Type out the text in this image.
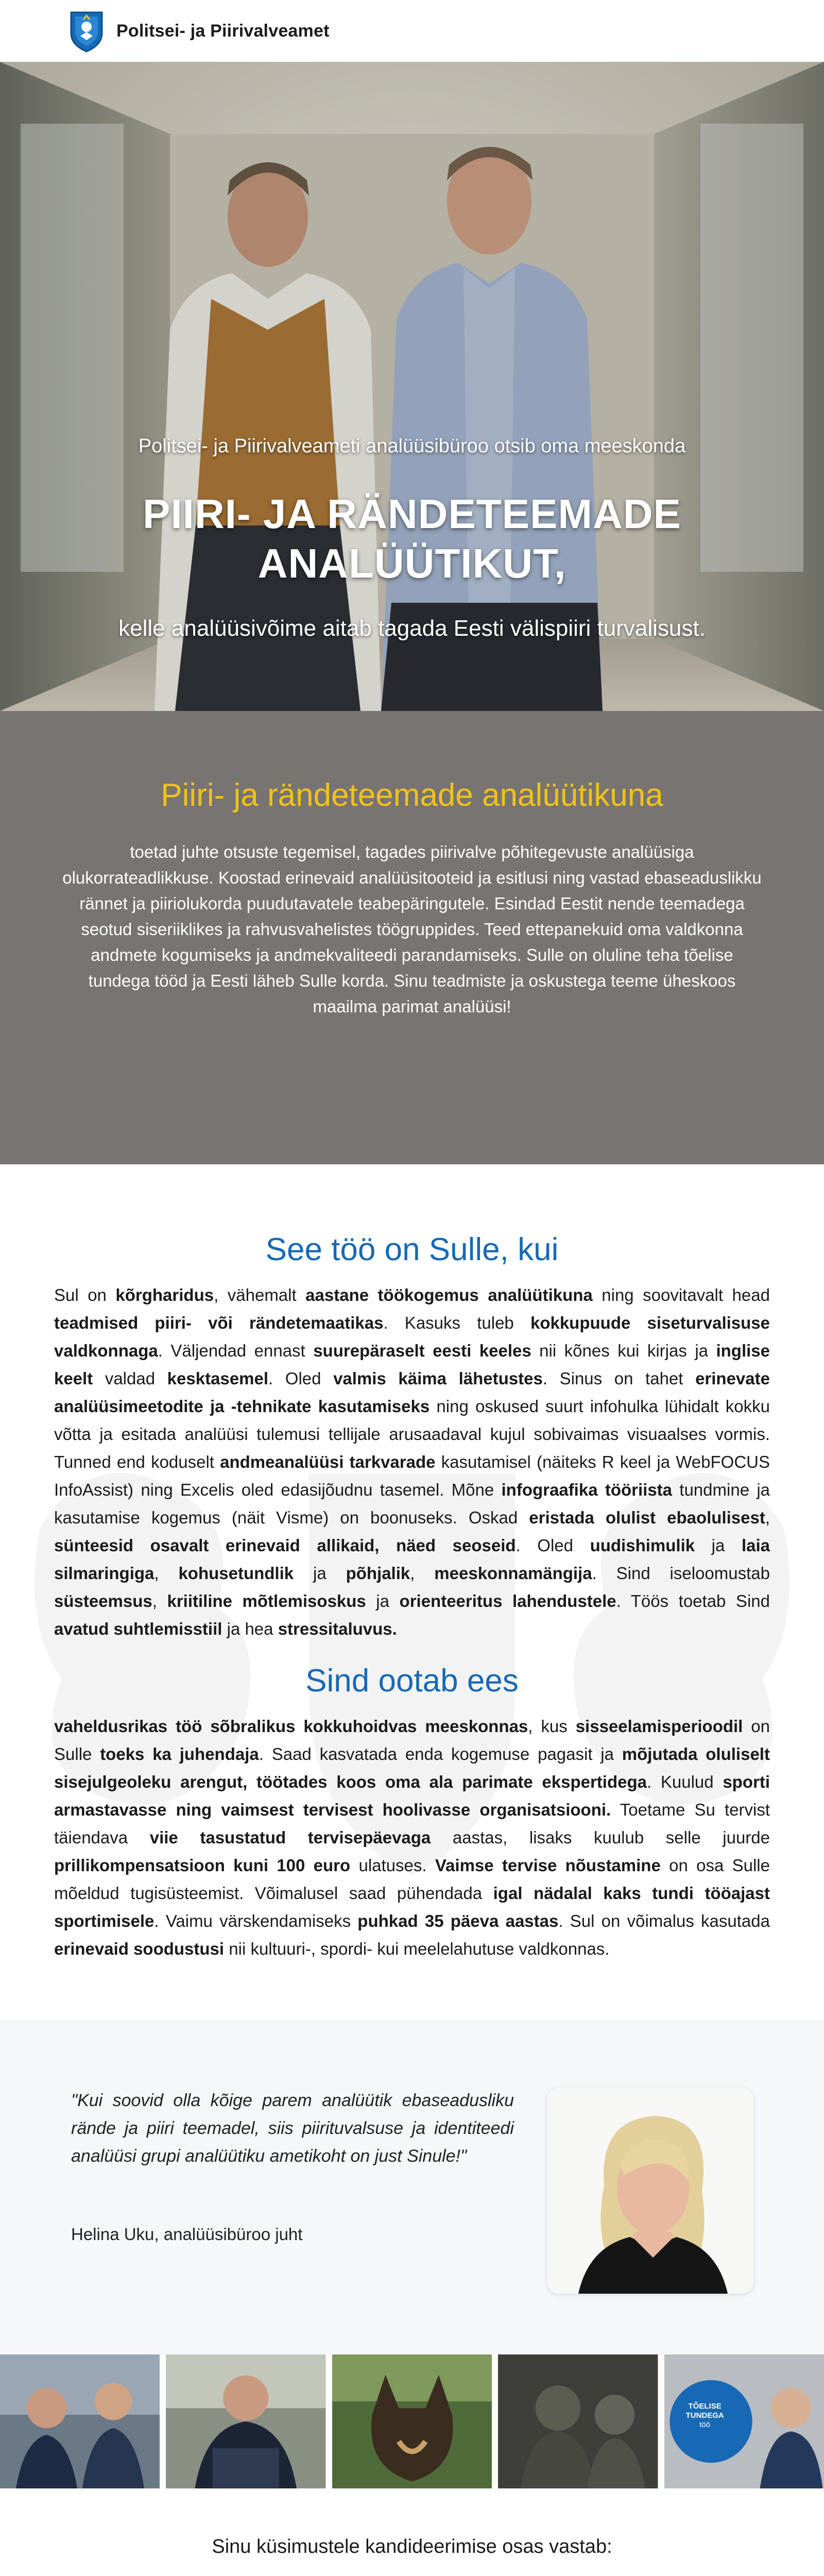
Politsei- ja Piirivalveamet
Politsei- ja Piirivalveameti analüüsibüroo otsib oma meeskonda
PIIRI- JA RÄNDETEEMADE
ANALÜÜTIKUT,
kelle analüüsivõime aitab tagada Eesti välispiiri turvalisust.
Piiri- ja rändeteemade analüütikuna

toetad juhte otsuste tegemisel, tagades piirivalve põhitegevuste analüüsiga olukorrateadlikkuse. Koostad erinevaid analüüsitooteid ja esitlusi ning vastad ebaseaduslikku rännet ja piiriolukorda puudutavatele teabepäringutele. Esindad Eestit nende teemadega seotud siseriiklikes ja rahvusvahelistes töögruppides. Teed ettepanekuid oma valdkonna andmete kogumiseks ja andmekvaliteedi parandamiseks. Sulle on oluline teha tõelise tundega tööd ja Eesti läheb Sulle korda. Sinu teadmiste ja oskustega teeme üheskoos maailma parimat analüüsi!

See töö on Sulle, kui

Sul on kõrgharidus, vähemalt aastane töökogemus analüütikuna ning soovitavalt head teadmised piiri- või rändetemaatikas. Kasuks tuleb kokkupuude siseturvalisuse valdkonnaga. Väljendad ennast suurepäraselt eesti keeles nii kõnes kui kirjas ja inglise keelt valdad kesktasemel. Oled valmis käima lähetustes. Sinus on tahet erinevate analüüsimeetodite ja -tehnikate kasutamiseks ning oskused suurt infohulka lühidalt kokku võtta ja esitada analüüsi tulemusi tellijale arusaadaval kujul sobivaimas visuaalses vormis. Tunned end koduselt andmeanalüüsi tarkvarade kasutamisel (näiteks R keel ja WebFOCUS InfoAssist) ning Excelis oled edasijõudnu tasemel. Mõne infograafika tööriista tundmine ja kasutamise kogemus (näit Visme) on boonuseks. Oskad eristada olulist ebaolulisest, sünteesid osavalt erinevaid allikaid, näed seoseid. Oled uudishimulik ja laia silmaringiga, kohusetundlik ja põhjalik, meeskonnamängija. Sind iseloomustab süsteemsus, kriitiline mõtlemisoskus ja orienteeritus lahendustele. Töös toetab Sind avatud suhtlemisstiil ja hea stressitaluvus.

Sind ootab ees

vaheldusrikas töö sõbralikus kokkuhoidvas meeskonnas, kus sisseelamisperioodil on Sulle toeks ka juhendaja. Saad kasvatada enda kogemuse pagasit ja mõjutada oluliselt sisejulgeoleku arengut, töötades koos oma ala parimate ekspertidega. Kuulud sporti armastavasse ning vaimsest tervisest hoolivasse organisatsiooni. Toetame Su tervist täiendava viie tasustatud tervisepäevaga aastas, lisaks kuulub selle juurde prillikompensatsioon kuni 100 euro ulatuses. Vaimse tervise nõustamine on osa Sulle mõeldud tugisüsteemist. Võimalusel saad pühendada igal nädalal kaks tundi tööajast sportimisele. Vaimu värskendamiseks puhkad 35 päeva aastas. Sul on võimalus kasutada erinevaid soodustusi nii kultuuri-, spordi- kui meelelahutuse valdkonnas.

"Kui soovid olla kõige parem analüütik ebaseadusliku rände ja piiri teemadel, siis piirituvalsuse ja identiteedi analüüsi grupi analüütiku ametikoht on just Sinule!"

Helina Uku, analüüsibüroo juht

TÕELISE
TUNDEGA
töö

Sinu küsimustele kandideerimise osas vastab:
